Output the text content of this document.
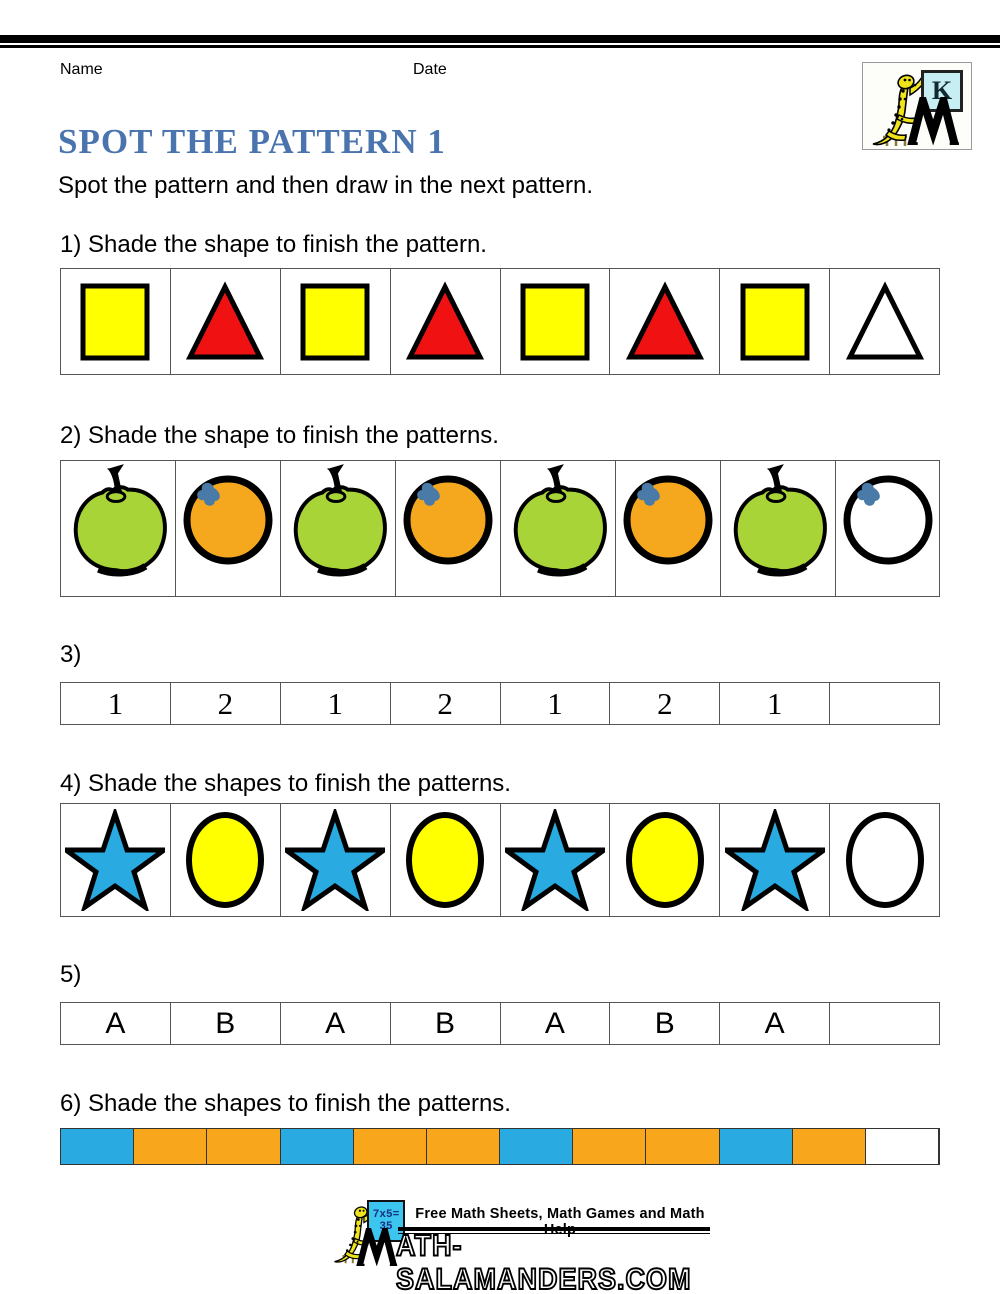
Name	Date
K
SPOT THE PATTERN 1
Spot the pattern and then draw in the next pattern.
1) Shade the shape to finish the pattern.
2) Shade the shape to finish the patterns.
3)
1	2	1	2	1	2	1
4) Shade the shapes to finish the patterns.
5)
A	B	A	B	A	B	A
6) Shade the shapes to finish the patterns.
7x5=
35
Free Math Sheets, Math Games and Math Help
ATH-SALAMANDERS.COM
